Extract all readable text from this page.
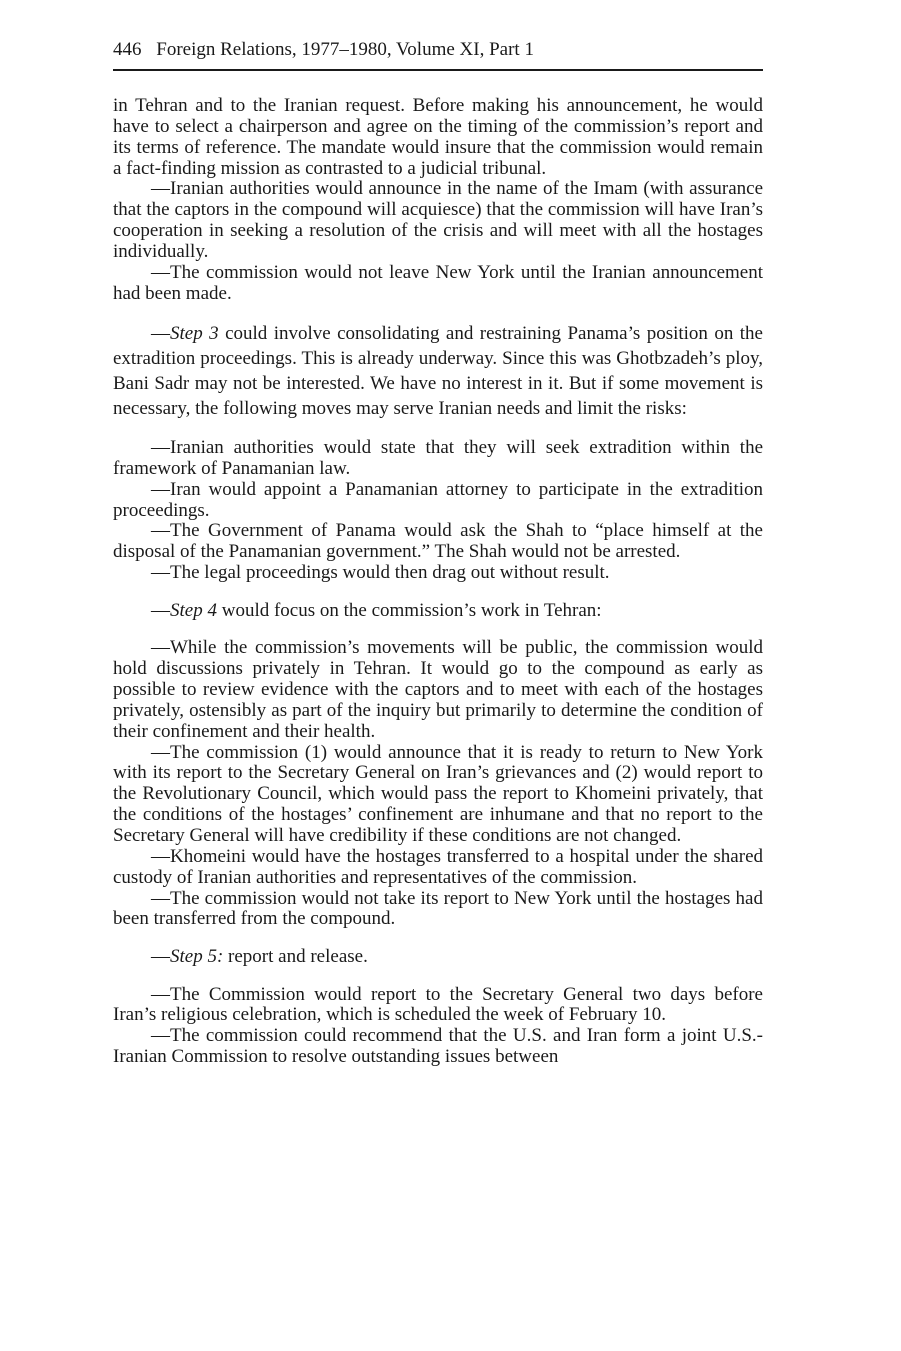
446 Foreign Relations, 1977–1980, Volume XI, Part 1

in Tehran and to the Iranian request. Before making his announcement, he would have to select a chairperson and agree on the timing of the commission’s report and its terms of reference. The mandate would insure that the commission would remain a fact-finding mission as contrasted to a judicial tribunal.

—Iranian authorities would announce in the name of the Imam (with assurance that the captors in the compound will acquiesce) that the commission will have Iran’s cooperation in seeking a resolution of the crisis and will meet with all the hostages individually.

—The commission would not leave New York until the Iranian announcement had been made.

—Step 3 could involve consolidating and restraining Panama’s position on the extradition proceedings. This is already underway. Since this was Ghotbzadeh’s ploy, Bani Sadr may not be interested. We have no interest in it. But if some movement is necessary, the following moves may serve Iranian needs and limit the risks:

—Iranian authorities would state that they will seek extradition within the framework of Panamanian law.

—Iran would appoint a Panamanian attorney to participate in the extradition proceedings.

—The Government of Panama would ask the Shah to “place himself at the disposal of the Panamanian government.” The Shah would not be arrested.

—The legal proceedings would then drag out without result.

—Step 4 would focus on the commission’s work in Tehran:

—While the commission’s movements will be public, the commission would hold discussions privately in Tehran. It would go to the compound as early as possible to review evidence with the captors and to meet with each of the hostages privately, ostensibly as part of the inquiry but primarily to determine the condition of their confinement and their health.

—The commission (1) would announce that it is ready to return to New York with its report to the Secretary General on Iran’s grievances and (2) would report to the Revolutionary Council, which would pass the report to Khomeini privately, that the conditions of the hostages’ confinement are inhumane and that no report to the Secretary General will have credibility if these conditions are not changed.

—Khomeini would have the hostages transferred to a hospital under the shared custody of Iranian authorities and representatives of the commission.

—The commission would not take its report to New York until the hostages had been transferred from the compound.

—Step 5: report and release.

—The Commission would report to the Secretary General two days before Iran’s religious celebration, which is scheduled the week of February 10.

—The commission could recommend that the U.S. and Iran form a joint U.S.-Iranian Commission to resolve outstanding issues between
